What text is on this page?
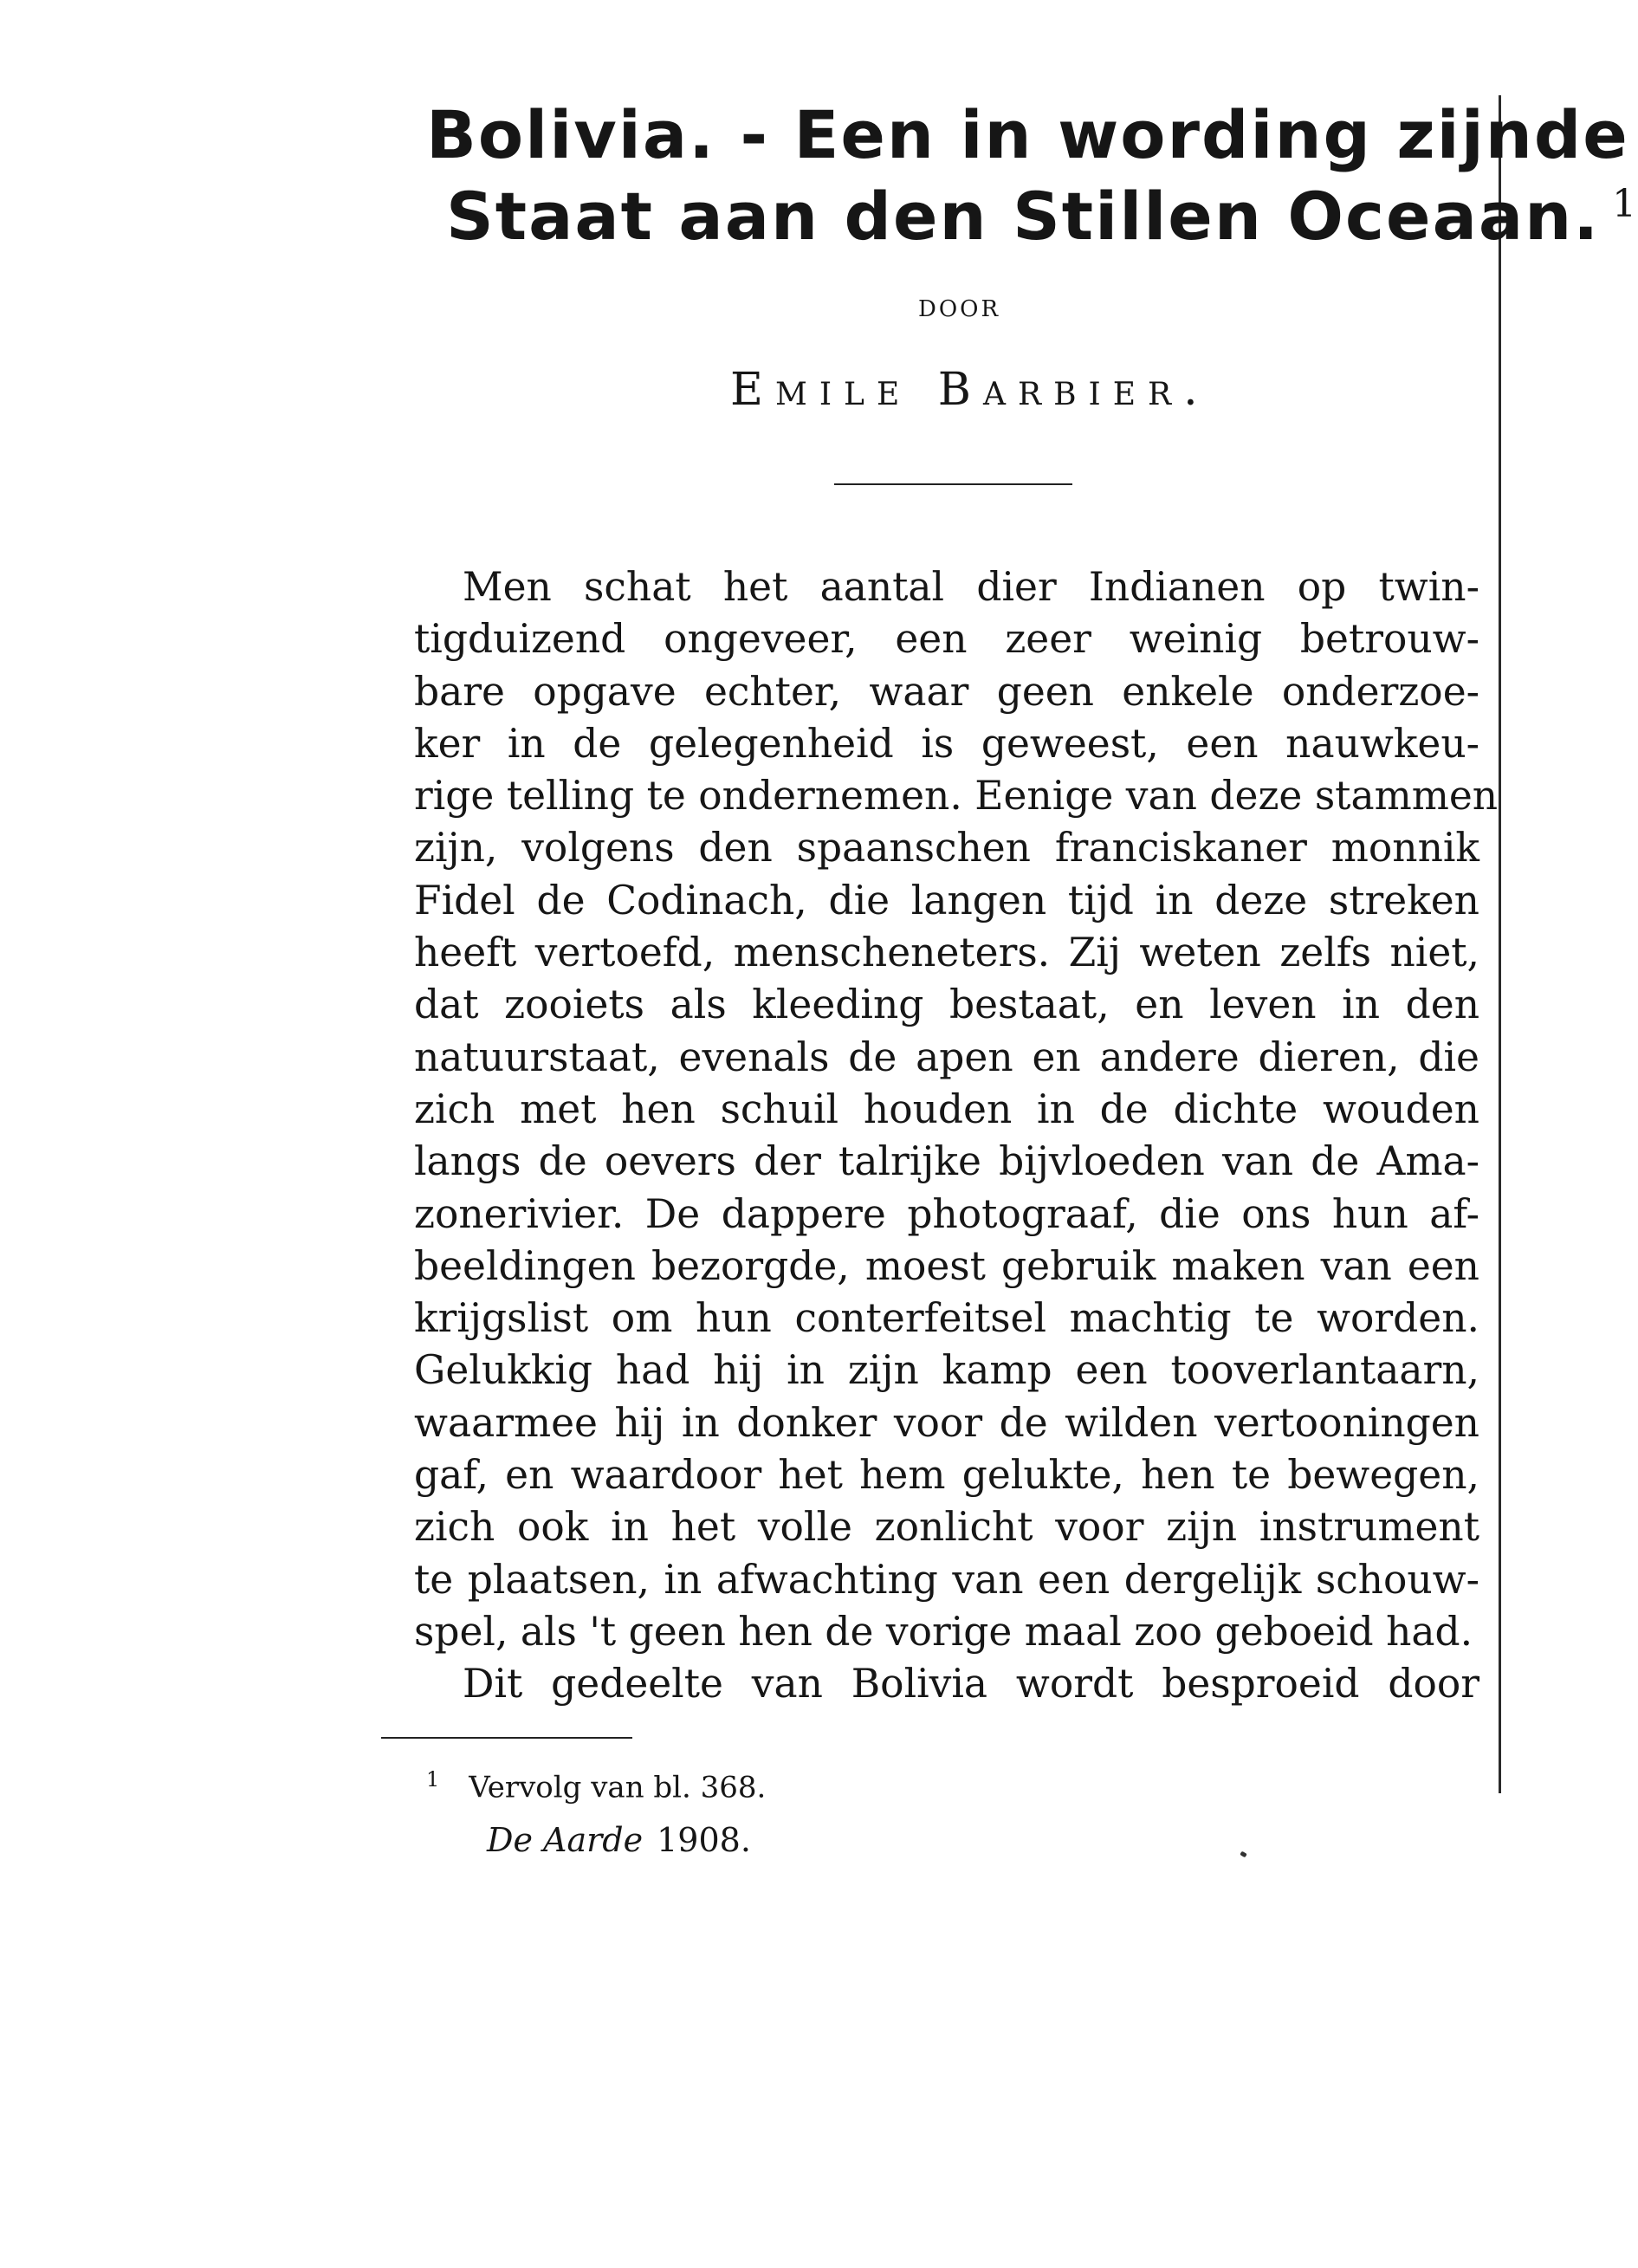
Bolivia. - Een in wording zijnde
Staat aan den Stillen Oceaan. $^1$
DOOR
Emile Barbier.
Men schat het aantal dier Indianen op twin-
tigduizend ongeveer, een zeer weinig betrouw-
bare opgave echter, waar geen enkele onderzoe-
ker in de gelegenheid is geweest, een nauwkeu-
rige telling te ondernemen. Eenige van deze stammen
zijn, volgens den spaanschen franciskaner monnik
Fidel de Codinach, die langen tijd in deze streken
heeft vertoefd, menscheneters. Zij weten zelfs niet,
dat zooiets als kleeding bestaat, en leven in den
natuurstaat, evenals de apen en andere dieren, die
zich met hen schuil houden in de dichte wouden
langs de oevers der talrijke bijvloeden van de Ama-
zonerivier. De dappere photograaf, die ons hun af-
beeldingen bezorgde, moest gebruik maken van een
krijgslist om hun conterfeitsel machtig te worden.
Gelukkig had hij in zijn kamp een tooverlantaarn,
waarmee hij in donker voor de wilden vertooningen
gaf, en waardoor het hem gelukte, hen te bewegen,
zich ook in het volle zonlicht voor zijn instrument
te plaatsen, in afwachting van een dergelijk schouw-
spel, als 't geen hen de vorige maal zoo geboeid had.
Dit gedeelte van Bolivia wordt besproeid door
$^1$ Vervolg van bl. 368.
De Aarde 1908.
